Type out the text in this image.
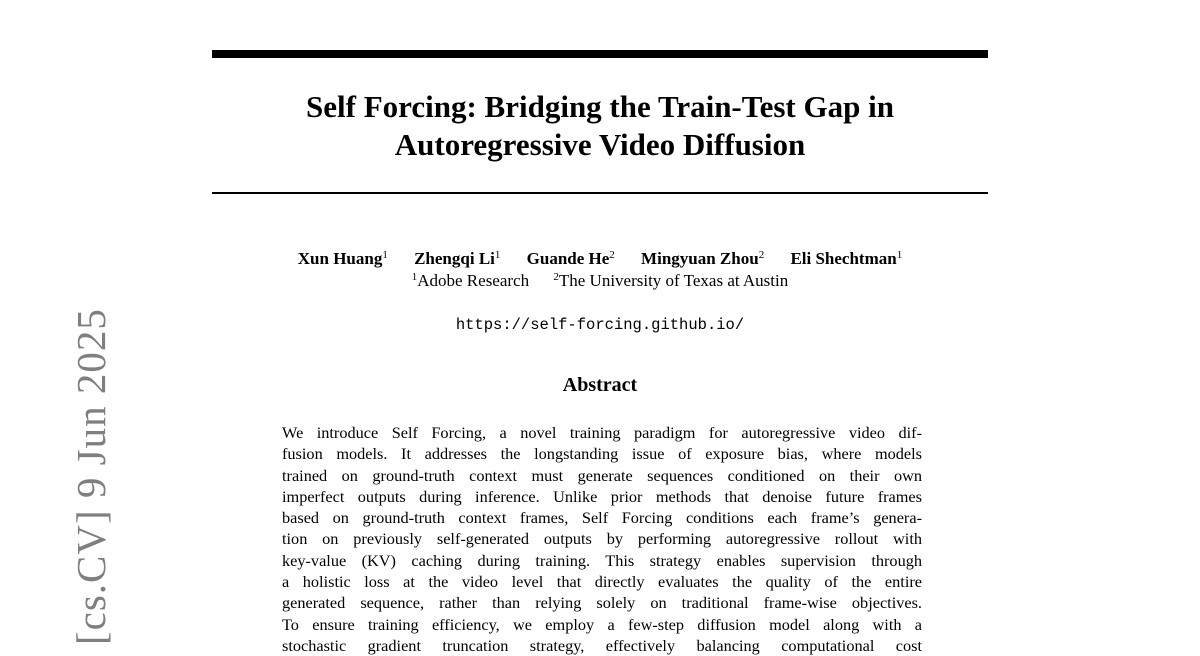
Self Forcing: Bridging the Train-Test Gap in
Autoregressive Video Diffusion
Xun Huang$^1$ Zhengqi Li$^1$ Guande He$^2$ Mingyuan Zhou$^2$ Eli Shechtman$^1$
$^1$Adobe Research $^2$The University of Texas at Austin
https://self-forcing.github.io/
Abstract
We introduce Self Forcing, a novel training paradigm for autoregressive video dif-
fusion models. It addresses the longstanding issue of exposure bias, where models
trained on ground-truth context must generate sequences conditioned on their own
imperfect outputs during inference. Unlike prior methods that denoise future frames
based on ground-truth context frames, Self Forcing conditions each frame’s genera-
tion on previously self-generated outputs by performing autoregressive rollout with
key-value (KV) caching during training. This strategy enables supervision through
a holistic loss at the video level that directly evaluates the quality of the entire
generated sequence, rather than relying solely on traditional frame-wise objectives.
To ensure training efficiency, we employ a few-step diffusion model along with a
stochastic gradient truncation strategy, effectively balancing computational cost
[cs.CV] 9 Jun 2025
